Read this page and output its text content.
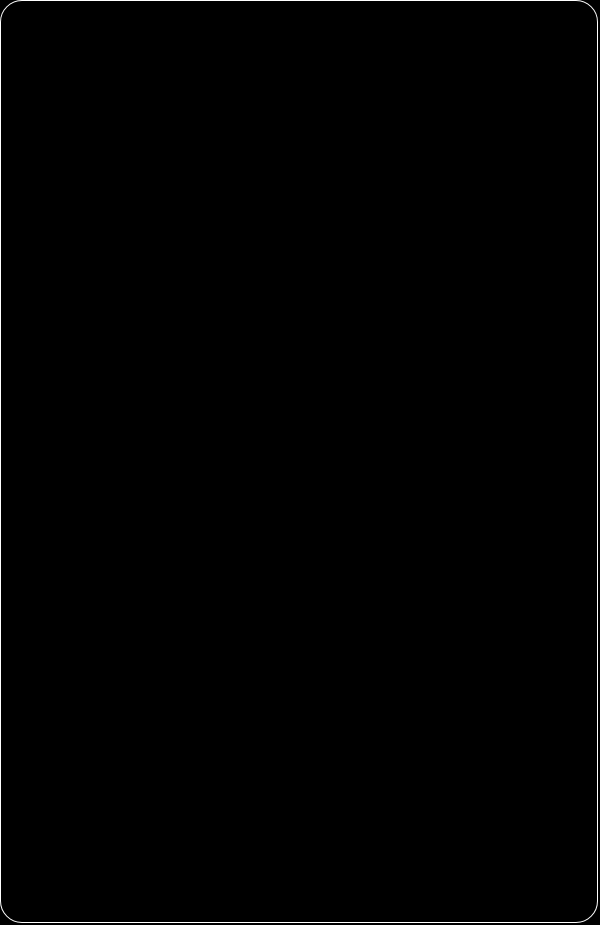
any claim by a third party against LICENSEE.

LICENSOR warrants that it is the sole owner of the (describe the IP) and that it has the right to grant licenses.

ARTICLE 10. APPLICABLE LAW

This agreement shall be governed by and construed according to the laws of country or state.

ARTICLE 11. VALIDITY

If any of the provisions of this Agreement are held to be invalid or unenforceable, the PARTIES will attempt to replace them with new provisions, which have the same force and effect and the remaining provisions shall not be affected.

ARTICLE 12. DISPUTE RESOLUTION

In the event a dispute shall arise between the PARTIES to this Agreement, the PARTIES agree to participate in at least four (4) hours mediation in accordance with the mediation rules of	. The PARTIES agree to share equally the costs of the mediation. In case the PARTIES are unable to resolve the dispute in mediation they agree to submit the dispute to

a) final and binding arbitration under the arbitration rules of	, [optional] and the judgment upon the award rendered by the Arbitrator(s) may be entered into any court having judgment thereof. The PARTIES agree to share equally the costs of the arbitration.
b) court decision

IN WITNESS WHEREOF, the PARTIES hereto have caused this Agreement to be executed by their duly authorized representatives as of the dates below.

For	Date
For	Date
2	This means that the LICENSOR shall be the first party to which a worldwide exclusive license is offered. Only after the LICENSOR has refused from such a license may the LICENSEE offer the license to others.
